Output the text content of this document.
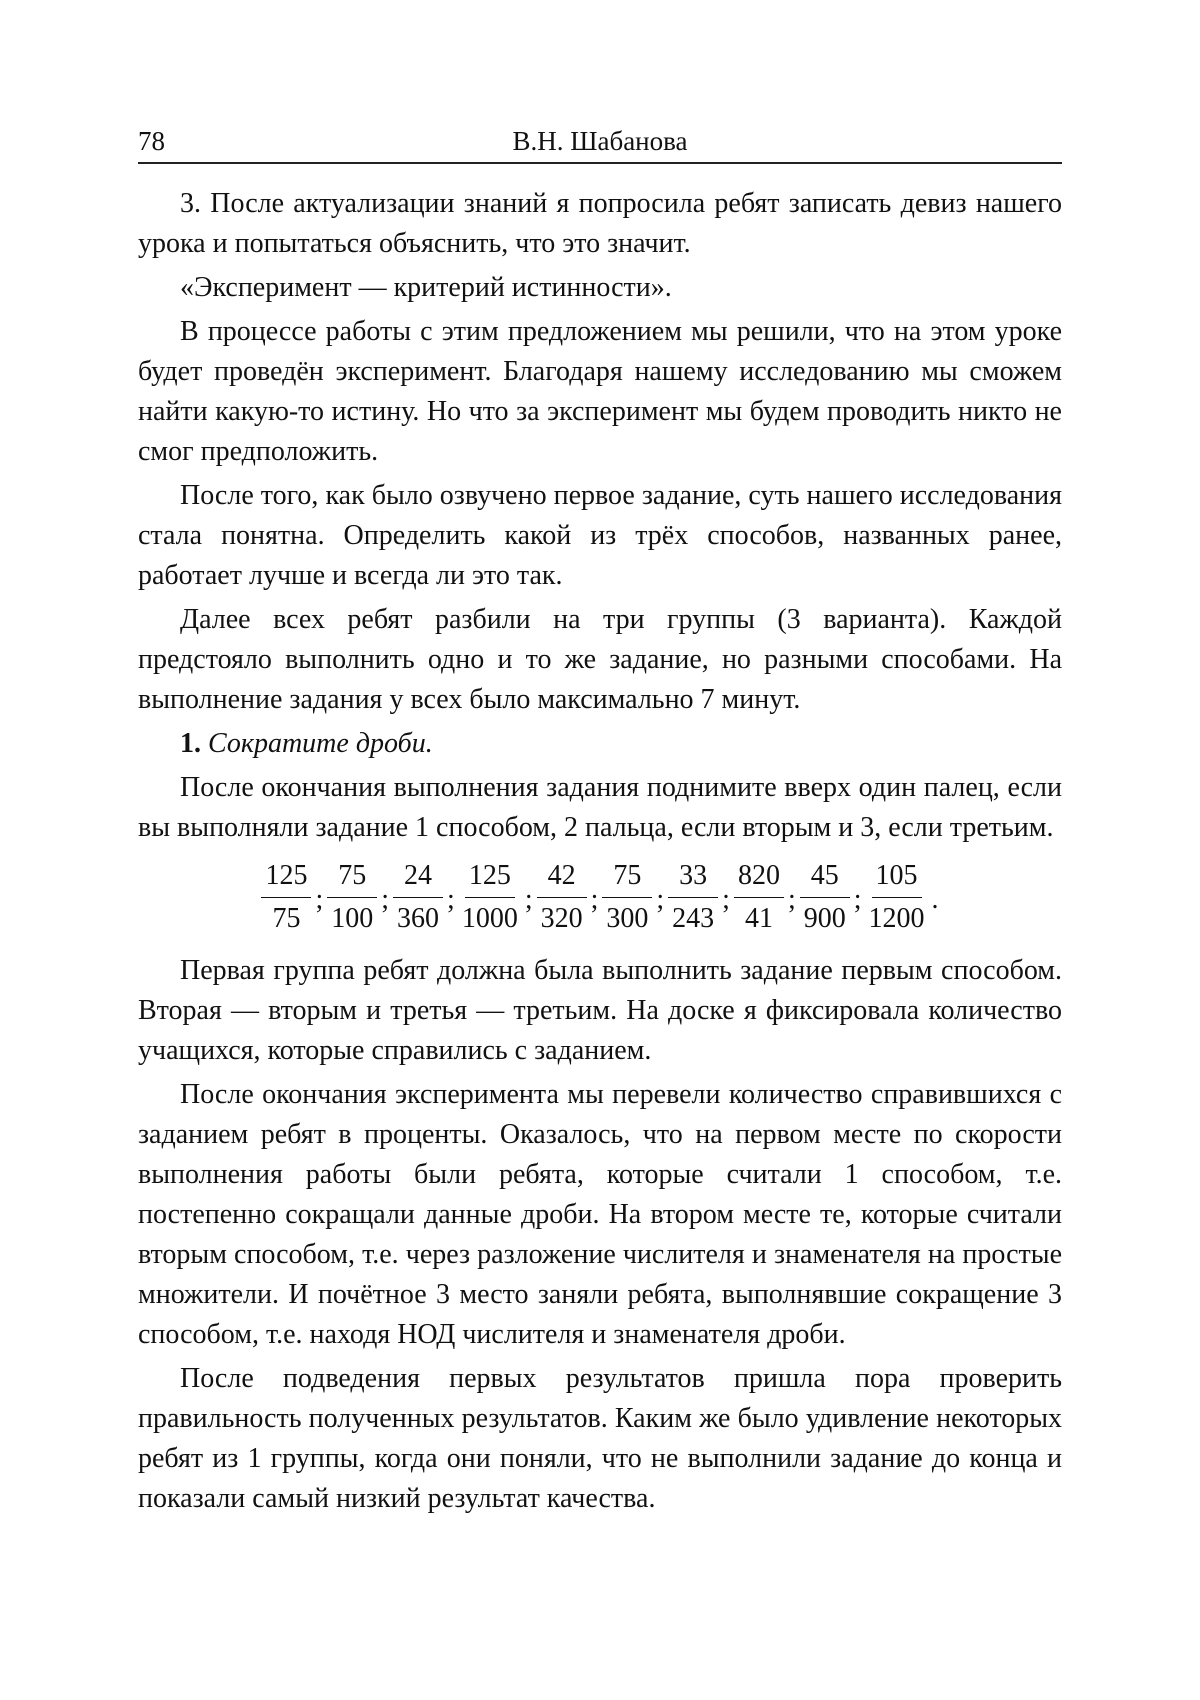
78	В.Н. Шабанова

3. После актуализации знаний я попросила ребят записать девиз нашего урока и попытаться объяснить, что это значит.

«Эксперимент — критерий истинности».

В процессе работы с этим предложением мы решили, что на этом уроке будет проведён эксперимент. Благодаря нашему исследованию мы сможем найти какую-то истину. Но что за эксперимент мы будем проводить никто не смог предположить.

После того, как было озвучено первое задание, суть нашего исследования стала понятна. Определить какой из трёх способов, названных ранее, работает лучше и всегда ли это так.

Далее всех ребят разбили на три группы (3 варианта). Каждой предстояло выполнить одно и то же задание, но разными способами. На выполнение задания у всех было максимально 7 минут.

1. Сократите дроби.

После окончания выполнения задания поднимите вверх один палец, если вы выполняли задание 1 способом, 2 пальца, если вторым и 3, если третьим.

$\frac{125}{75}$ ; $\frac{75}{100}$ ; $\frac{24}{360}$ ; $\frac{125}{1000}$ ; $\frac{42}{320}$ ; $\frac{75}{300}$ ; $\frac{33}{243}$ ; $\frac{820}{41}$ ; $\frac{45}{900}$ ; $\frac{105}{1200}$ .

Первая группа ребят должна была выполнить задание первым способом. Вторая — вторым и третья — третьим. На доске я фиксировала количество учащихся, которые справились с заданием.

После окончания эксперимента мы перевели количество справившихся с заданием ребят в проценты. Оказалось, что на первом месте по скорости выполнения работы были ребята, которые считали 1 способом, т.е. постепенно сокращали данные дроби. На втором месте те, которые считали вторым способом, т.е. через разложение числителя и знаменателя на простые множители. И почётное 3 место заняли ребята, выполнявшие сокращение 3 способом, т.е. находя НОД числителя и знаменателя дроби.

После подведения первых результатов пришла пора проверить правильность полученных результатов. Каким же было удивление некоторых ребят из 1 группы, когда они поняли, что не выполнили задание до конца и показали самый низкий результат качества.
